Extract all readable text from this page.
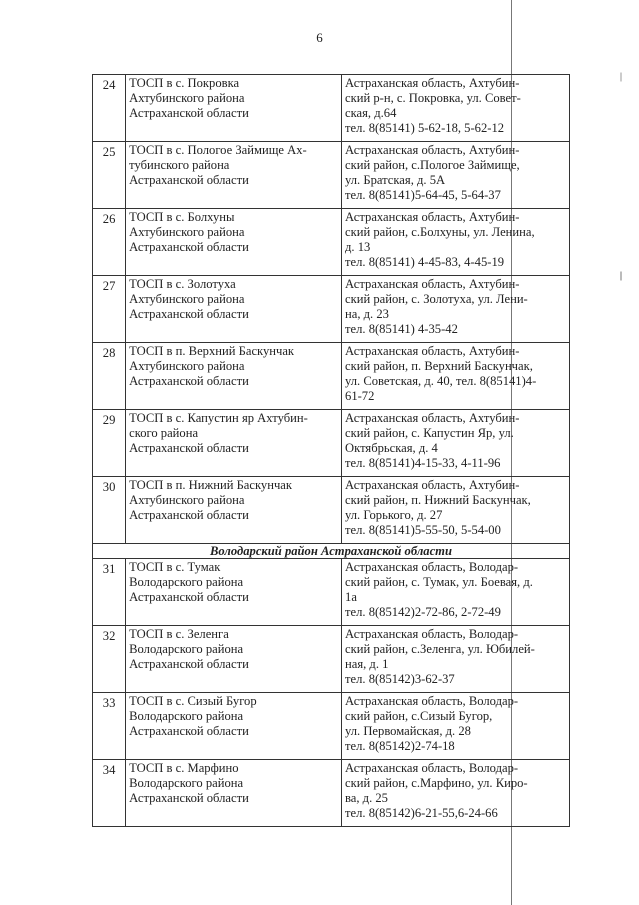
6
24	ТОСП в с. Покровка
Ахтубинского района
Астраханской области	Астраханская область, Ахтубин-
ский р-н, с. Покровка, ул. Совет-
ская, д.64
тел. 8(85141) 5-62-18, 5-62-12

25	ТОСП в с. Пологое Займище Ах-
тубинского района
Астраханской области	Астраханская область, Ахтубин-
ский район, с.Пологое Займище,
ул. Братская, д. 5А
тел. 8(85141)5-64-45, 5-64-37

26	ТОСП в с. Болхуны
Ахтубинского района
Астраханской области	Астраханская область, Ахтубин-
ский район, с.Болхуны, ул. Ленина,
д. 13
тел. 8(85141) 4-45-83, 4-45-19

27	ТОСП в с. Золотуха
Ахтубинского района
Астраханской области	Астраханская область, Ахтубин-
ский район, с. Золотуха, ул. Лени-
на, д. 23
тел. 8(85141) 4-35-42

28	ТОСП в п. Верхний Баскунчак
Ахтубинского района
Астраханской области	Астраханская область, Ахтубин-
ский район, п. Верхний Баскунчак,
ул. Советская, д. 40, тел. 8(85141)4-
61-72

29	ТОСП в с. Капустин яр Ахтубин-
ского района
Астраханской области	Астраханская область, Ахтубин-
ский район, с. Капустин Яр, ул.
Октябрьская, д. 4
тел. 8(85141)4-15-33, 4-11-96

30	ТОСП в п. Нижний Баскунчак
Ахтубинского района
Астраханской области	Астраханская область, Ахтубин-
ский район, п. Нижний Баскунчак,
ул. Горького, д. 27
тел. 8(85141)5-55-50, 5-54-00

Володарский район Астраханской области		
31	ТОСП в с. Тумак
Володарского района
Астраханской области	Астраханская область, Володар-
ский район, с. Тумак, ул. Боевая, д.
1а
тел. 8(85142)2-72-86, 2-72-49

32	ТОСП в с. Зеленга
Володарского района
Астраханской области	Астраханская область, Володар-
ский район, с.Зеленга, ул. Юбилей-
ная, д. 1
тел. 8(85142)3-62-37

33	ТОСП в с. Сизый Бугор
Володарского района
Астраханской области	Астраханская область, Володар-
ский район, с.Сизый Бугор,
ул. Первомайская, д. 28
тел. 8(85142)2-74-18

34	ТОСП в с. Марфино
Володарского района
Астраханской области	Астраханская область, Володар-
ский район, с.Марфино, ул. Киро-
ва, д. 25
тел. 8(85142)6-21-55,6-24-66
